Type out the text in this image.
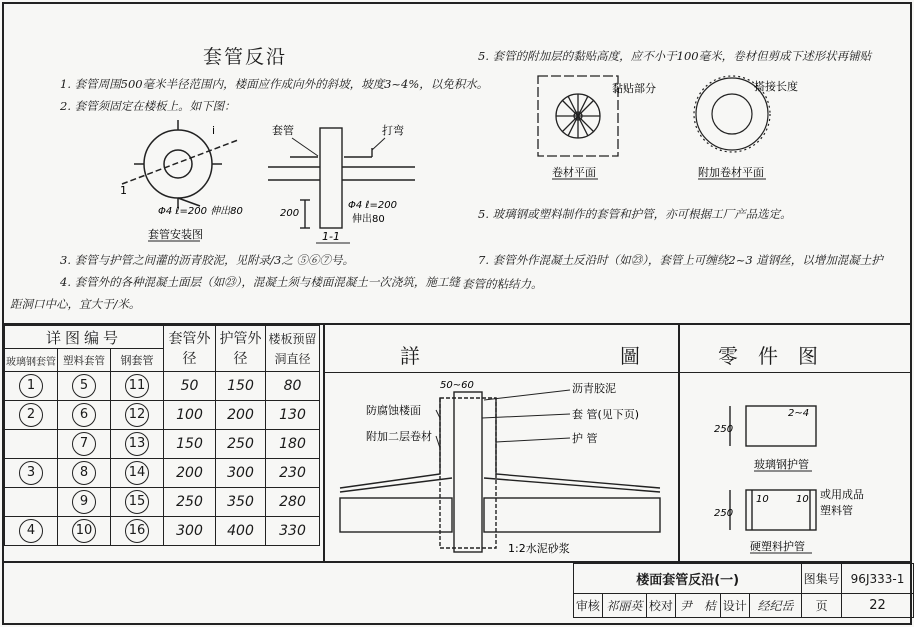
套管反沿
1. 套管周围500毫米半径范围内，楼面应作成向外的斜坡，坡度3~4%，以免积水。
2. 套管须固定在楼板上。如下图：
3. 套管与护管之间灌的沥青胶泥，见附录/3之 ⑤⑥⑦号。
4. 套管外的各种混凝土面层（如㉓），混凝土须与楼面混凝土一次浇筑，施工缝
距洞口中心，宜大于/米。
5. 套管的附加层的黏贴高度，应不小于100毫米，卷材但剪成下述形状再铺贴
5. 玻璃钢或塑料制作的套管和护管，亦可根据工厂产品选定。
7. 套管外作混凝土反沿时（如㉓），套管上可缠绕2~3 道钢丝，以增加混凝土护
套管的粘结力。
i
1
Φ4 ℓ=200 伸出80
套管安装图
套管	打弯
200
Φ4 ℓ=200
伸出80
1-1
黏贴部分
卷材平面
搭接长度
附加卷材平面
详图编号			套管外径	护管外径	楼板预留洞直径
玻璃钢套管	塑料套管	钢套管			
1	5	11	50	150	80
2	6	12	100	200	130
	7	13	150	250	180
3	8	14	200	300	230
	9	15	250	350	280
4	10	16	300	400	330
詳　　　　　　　　　　圖	零　件　图
50~60	沥青胶泥
套 管(见下页)
护 管
防腐蚀楼面
附加二层卷材
1:2水泥砂浆
250
2~4
玻璃钢护管
250
10	10 或用成品
塑料管
硬塑料护管
楼面套管反沿(一)						图集号	96J333-1
审核	祁丽英	校对	尹　桔	设计	经纪岳	页	22
